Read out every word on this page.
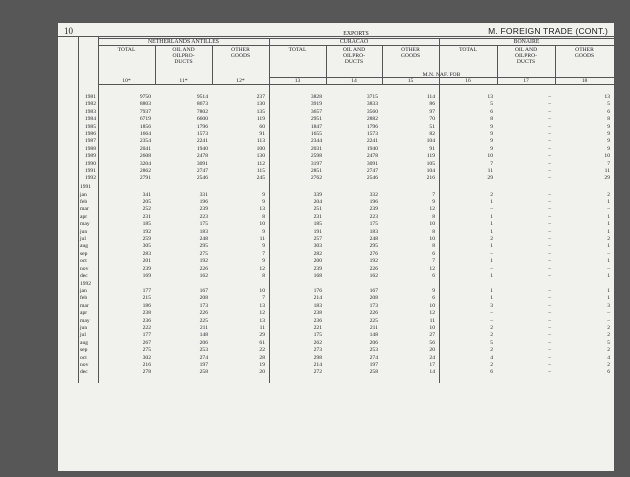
10	M. FOREIGN TRADE (CONT.)
EXPORTS
NETHERLANDS ANTILLES	CURACAO	BONAIRE
TOTAL	OIL AND OILPRO- DUCTS
OTHER GOODS
TOTAL	OIL AND OILPRO- DUCTS
OTHER GOODS
TOTAL	OIL AND OILPRO- DUCTS
OTHER GOODS
M.N. NAF. FOB
10*	11*	12*	13	14	15	16	17	18
1981	9750	9514	237	3828	3715	114	13	–	13
1982	8803	8673	130	3919	3833	86	5	–	5
1983	7937	7802	135	3657	3560	97	6	–	6
1984	6719	6600	119	2951	2882	70	8	–	8
1985	1856	1796	60	1847	1796	51	9	–	9
1986	1664	1573	91	1655	1573	82	9	–	9
1987	2354	2241	113	2344	2241	104	9	–	9
1988	2041	1940	100	2031	1940	91	9	–	9
1989	2608	2478	130	2598	2478	119	10	–	10
1990	3204	3091	112	3197	3091	105	7	–	7
1991	2862	2747	115	2851	2747	104	11	–	11
1992	2791	2546	245	2762	2546	216	29	–	29
1991
jan	341	331	9	339	332	7	2	–	2
feb	205	196	9	204	196	9	1	–	1
mar	252	239	13	251	239	12	–	–	–
apr	231	223	8	231	223	8	1	–	1
may	185	175	10	185	175	10	1	–	1
jun	192	183	9	191	183	8	1	–	1
jul	259	248	11	257	248	10	2	–	2
aug	305	295	9	303	295	8	1	–	1
sep	283	275	7	282	276	6	–	–	–
oct	201	192	9	200	192	7	1	–	1
nov	239	226	12	239	226	12	–	–	–
dec	169	162	8	168	162	6	1	–	1
1992
jan	177	167	10	176	167	9	1	–	1
feb	215	208	7	214	208	6	1	–	1
mar	186	173	13	183	173	10	3	–	3
apr	238	226	12	238	226	12	–	–	–
may	236	225	13	236	225	11	–	–	–
jun	222	211	11	221	211	10	2	–	2
jul	177	148	29	175	148	27	2	–	2
aug	267	206	61	262	206	56	5	–	5
sep	275	253	22	273	253	20	2	–	2
oct	302	274	28	298	274	24	4	–	4
nov	216	197	19	214	197	17	2	–	2
dec	278	258	20	272	258	14	6	–	6
